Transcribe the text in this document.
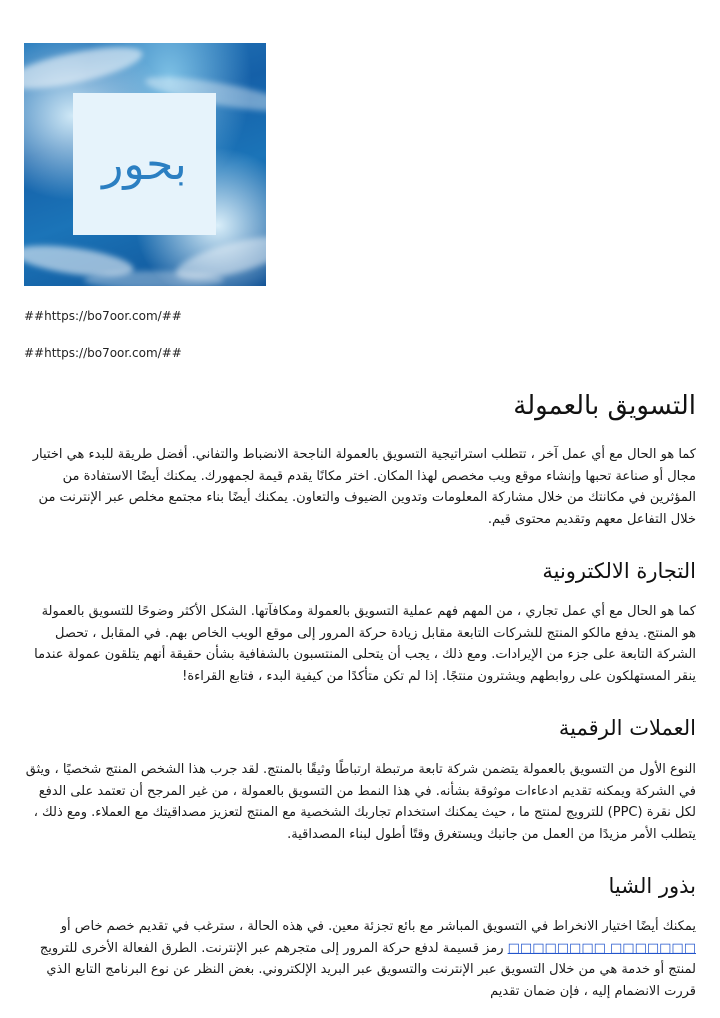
بحور
##https://bo7oor.com/##
##https://bo7oor.com/##
التسويق بالعمولة

كما هو الحال مع أي عمل آخر ، تتطلب استراتيجية التسويق بالعمولة الناجحة الانضباط والتفاني. أفضل طريقة للبدء هي اختيار مجال أو صناعة تحبها وإنشاء موقع ويب مخصص لهذا المكان. اختر مكانًا يقدم قيمة لجمهورك. يمكنك أيضًا الاستفادة من المؤثرين في مكانتك من خلال مشاركة المعلومات وتدوين الضيوف والتعاون. يمكنك أيضًا بناء مجتمع مخلص عبر الإنترنت من خلال التفاعل معهم وتقديم محتوى قيم.

التجارة الالكترونية

كما هو الحال مع أي عمل تجاري ، من المهم فهم عملية التسويق بالعمولة ومكافآتها. الشكل الأكثر وضوحًا للتسويق بالعمولة هو المنتج. يدفع مالكو المنتج للشركات التابعة مقابل زيادة حركة المرور إلى موقع الويب الخاص بهم. في المقابل ، تحصل الشركة التابعة على جزء من الإيرادات. ومع ذلك ، يجب أن يتحلى المنتسبون بالشفافية بشأن حقيقة أنهم يتلقون عمولة عندما ينقر المستهلكون على روابطهم ويشترون منتجًا. إذا لم تكن متأكدًا من كيفية البدء ، فتابع القراءة!

العملات الرقمية

النوع الأول من التسويق بالعمولة يتضمن شركة تابعة مرتبطة ارتباطًا وثيقًا بالمنتج. لقد جرب هذا الشخص المنتج شخصيًا ، ويثق في الشركة ويمكنه تقديم ادعاءات موثوقة بشأنه. في هذا النمط من التسويق بالعمولة ، من غير المرجح أن تعتمد على الدفع لكل نقرة (PPC) للترويج لمنتج ما ، حيث يمكنك استخدام تجاربك الشخصية مع المنتج لتعزيز مصداقيتك مع العملاء. ومع ذلك ، يتطلب الأمر مزيدًا من العمل من جانبك ويستغرق وقتًا أطول لبناء المصداقية.

بذور الشيا

يمكنك أيضًا اختيار الانخراط في التسويق المباشر مع بائع تجزئة معين. في هذه الحالة ، سترغب في تقديم خصم خاص أو □□□□□□□ □□□□□□□□ رمز قسيمة لدفع حركة المرور إلى متجرهم عبر الإنترنت. الطرق الفعالة الأخرى للترويج لمنتج أو خدمة هي من خلال التسويق عبر الإنترنت والتسويق عبر البريد الإلكتروني. بغض النظر عن نوع البرنامج التابع الذي قررت الانضمام إليه ، فإن ضمان تقديم
